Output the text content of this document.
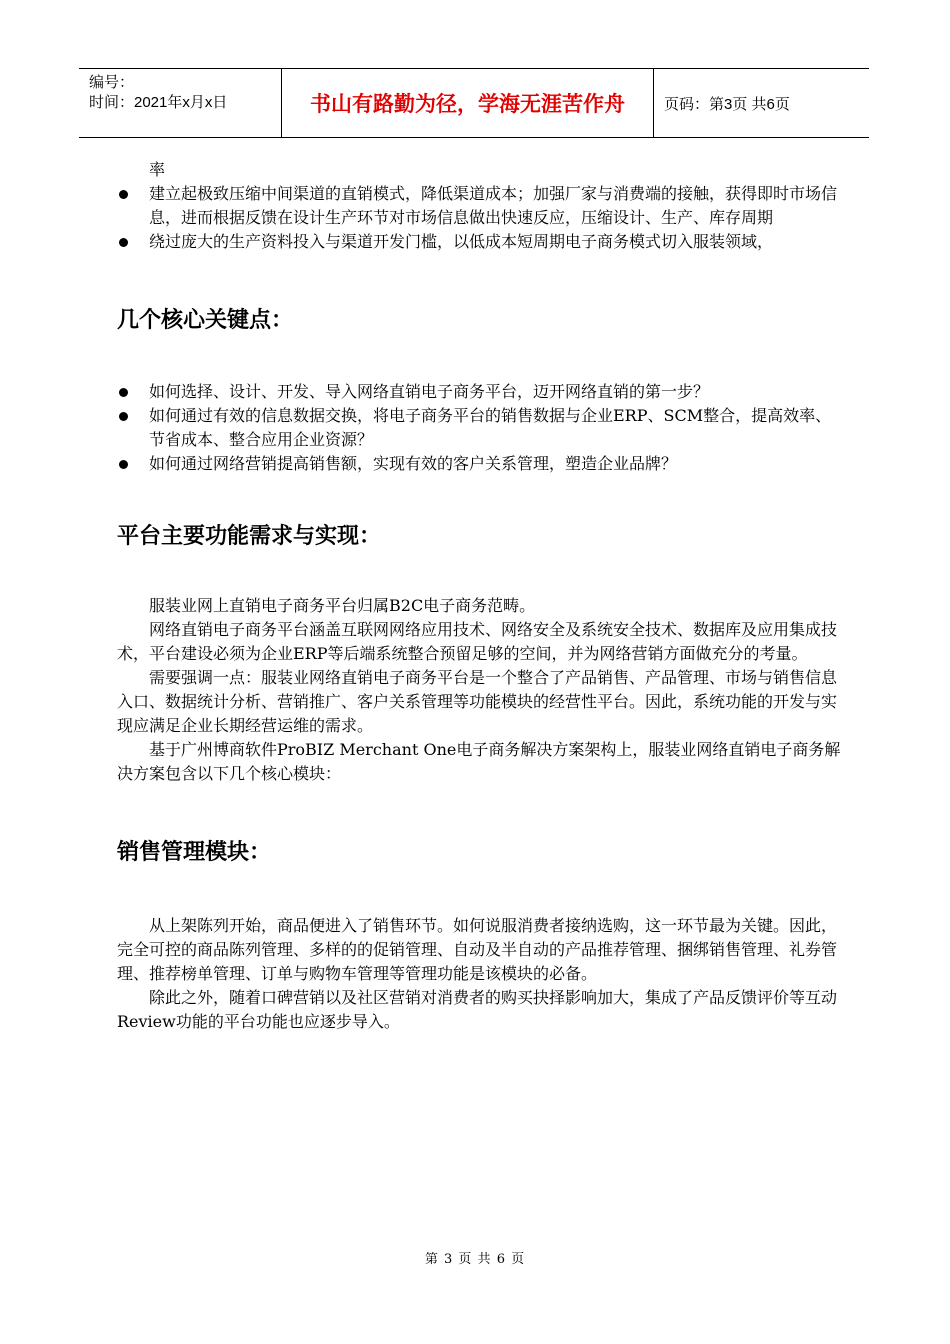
编号：
时间：2021年x月x日	书山有路勤为径，学海无涯苦作舟	页码：第3页 共6页
率
建立起极致压缩中间渠道的直销模式，降低渠道成本；加强厂家与消费端的接触，获得即时市场信息，进而根据反馈在设计生产环节对市场信息做出快速反应，压缩设计、生产、库存周期
绕过庞大的生产资料投入与渠道开发门槛，以低成本短周期电子商务模式切入服装领域，
几个核心关键点：
如何选择、设计、开发、导入网络直销电子商务平台，迈开网络直销的第一步？
如何通过有效的信息数据交换，将电子商务平台的销售数据与企业ERP、SCM整合，提高效率、节省成本、整合应用企业资源？
如何通过网络营销提高销售额，实现有效的客户关系管理，塑造企业品牌？
平台主要功能需求与实现：

服装业网上直销电子商务平台归属B2C电子商务范畴。

网络直销电子商务平台涵盖互联网网络应用技术、网络安全及系统安全技术、数据库及应用集成技术，平台建设必须为企业ERP等后端系统整合预留足够的空间，并为网络营销方面做充分的考量。

需要强调一点：服装业网络直销电子商务平台是一个整合了产品销售、产品管理、市场与销售信息入口、数据统计分析、营销推广、客户关系管理等功能模块的经营性平台。因此，系统功能的开发与实现应满足企业长期经营运维的需求。

基于广州博商软件ProBIZ Merchant One电子商务解决方案架构上，服装业网络直销电子商务解决方案包含以下几个核心模块：

销售管理模块：

从上架陈列开始，商品便进入了销售环节。如何说服消费者接纳选购，这一环节最为关键。因此，完全可控的商品陈列管理、多样的的促销管理、自动及半自动的产品推荐管理、捆绑销售管理、礼券管理、推荐榜单管理、订单与购物车管理等管理功能是该模块的必备。

除此之外，随着口碑营销以及社区营销对消费者的购买抉择影响加大，集成了产品反馈评价等互动Review功能的平台功能也应逐步导入。

第 3 页 共 6 页
